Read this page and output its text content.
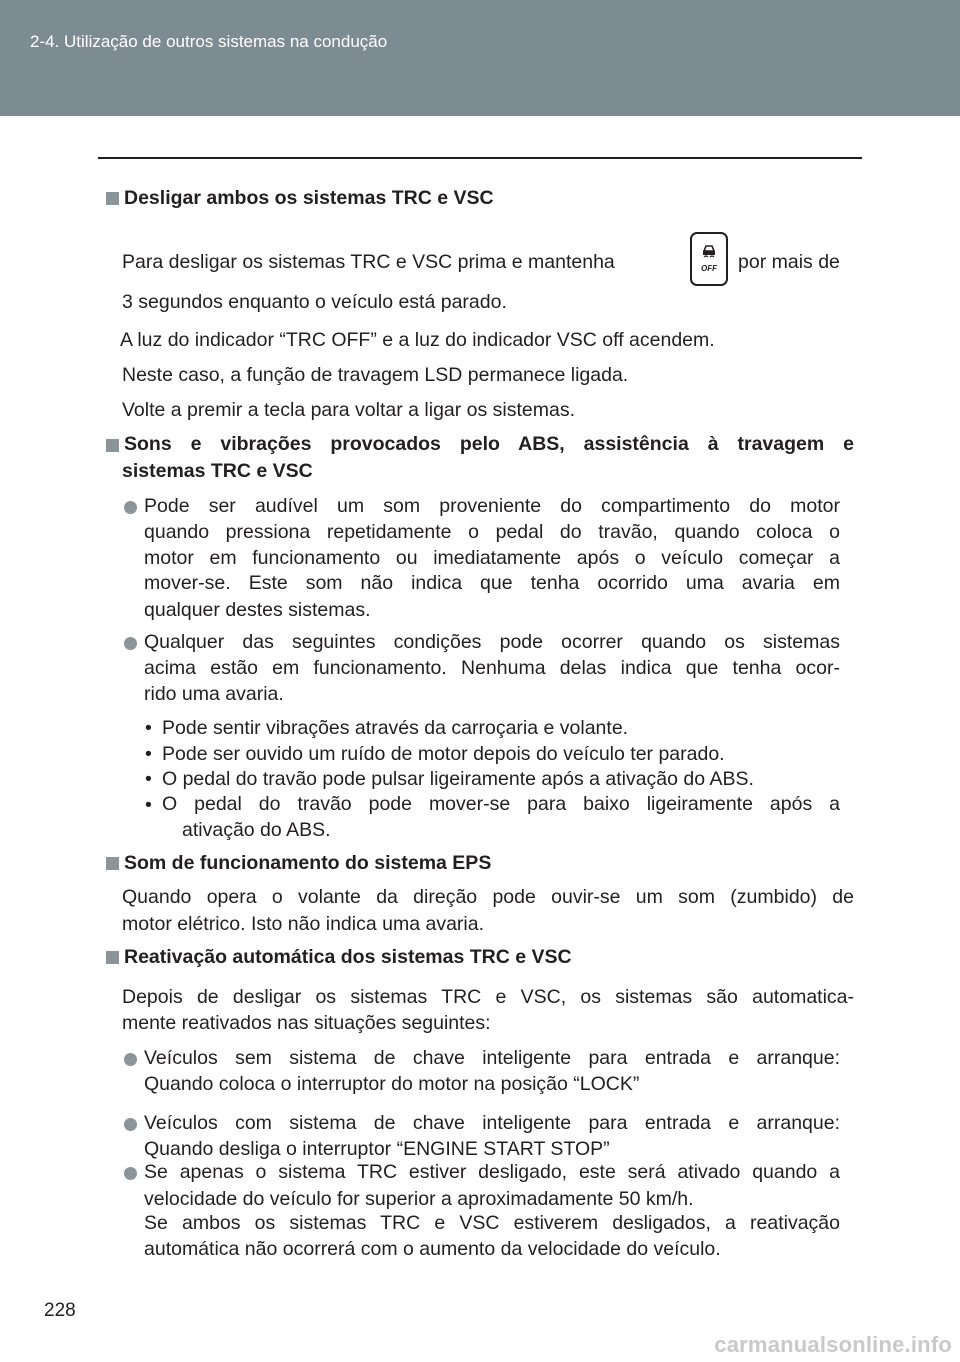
2-4. Utilização de outros sistemas na condução
Desligar ambos os sistemas TRC e VSC
Para desligar os sistemas TRC e VSC prima e mantenha	OFF	por mais de
3 segundos enquanto o veículo está parado.
A luz do indicador “TRC OFF” e a luz do indicador VSC off acendem.
Neste caso, a função de travagem LSD permanece ligada.
Volte a premir a tecla para voltar a ligar os sistemas.
Sons e vibrações provocados pelo ABS, assistência à travagem e
sistemas TRC e VSC
Pode ser audível um som proveniente do compartimento do motor
quando pressiona repetidamente o pedal do travão, quando coloca o
motor em funcionamento ou imediatamente após o veículo começar a
mover-se. Este som não indica que tenha ocorrido uma avaria em
qualquer destes sistemas.
Qualquer das seguintes condições pode ocorrer quando os sistemas
acima estão em funcionamento. Nenhuma delas indica que tenha ocor-
rido uma avaria.
• Pode sentir vibrações através da carroçaria e volante.
• Pode ser ouvido um ruído de motor depois do veículo ter parado.
• O pedal do travão pode pulsar ligeiramente após a ativação do ABS.
• O pedal do travão pode mover-se para baixo ligeiramente após a
ativação do ABS.
Som de funcionamento do sistema EPS
Quando opera o volante da direção pode ouvir-se um som (zumbido) de
motor elétrico. Isto não indica uma avaria.
Reativação automática dos sistemas TRC e VSC
Depois de desligar os sistemas TRC e VSC, os sistemas são automatica-
mente reativados nas situações seguintes:
Veículos sem sistema de chave inteligente para entrada e arranque:
Quando coloca o interruptor do motor na posição “LOCK”
Veículos com sistema de chave inteligente para entrada e arranque:
Quando desliga o interruptor “ENGINE START STOP”
Se apenas o sistema TRC estiver desligado, este será ativado quando a
velocidade do veículo for superior a aproximadamente 50 km/h.
Se ambos os sistemas TRC e VSC estiverem desligados, a reativação
automática não ocorrerá com o aumento da velocidade do veículo.
228
carmanualsonline.info
